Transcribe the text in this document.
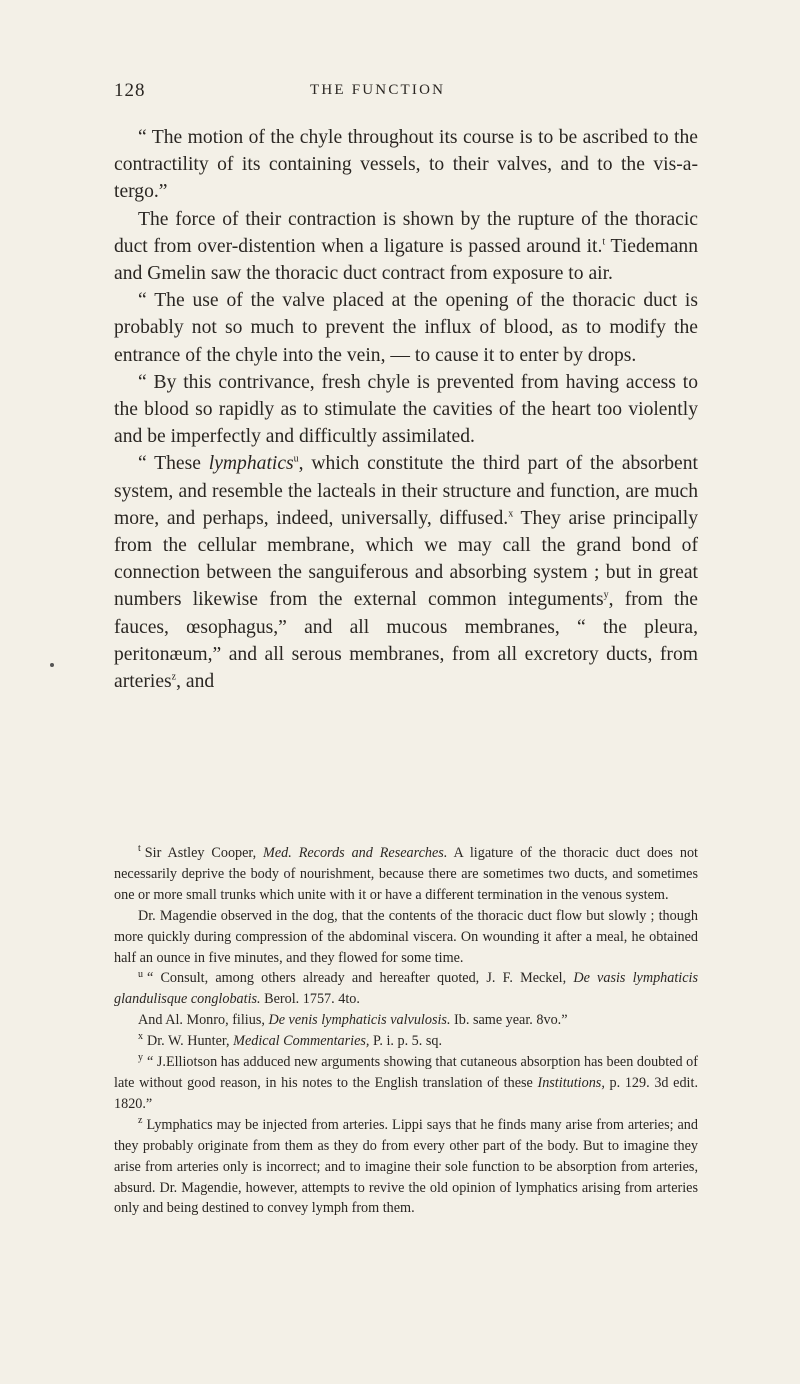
128	THE FUNCTION

“ The motion of the chyle throughout its course is to be ascribed to the contractility of its containing vessels, to their valves, and to the vis-a-tergo.”

The force of their contraction is shown by the rupture of the thoracic duct from over-distention when a ligature is passed around it.$^t$ Tiedemann and Gmelin saw the thoracic duct contract from exposure to air.

“ The use of the valve placed at the opening of the thoracic duct is probably not so much to prevent the influx of blood, as to modify the entrance of the chyle into the vein, — to cause it to enter by drops.

“ By this contrivance, fresh chyle is prevented from having access to the blood so rapidly as to stimulate the cavities of the heart too violently and be imperfectly and difficultly assimilated.

“ These lymphatics$^u$, which constitute the third part of the absorbent system, and resemble the lacteals in their structure and function, are much more, and perhaps, indeed, universally, diffused.$^x$ They arise principally from the cellular membrane, which we may call the grand bond of connection between the sanguiferous and absorbing system ; but in great numbers likewise from the external common integuments$^y$, from the fauces, œsophagus,” and all mucous membranes, “ the pleura, peritonæum,” and all serous membranes, from all excretory ducts, from arteries$^z$, and

$^t$ Sir Astley Cooper, Med. Records and Researches. A ligature of the thoracic duct does not necessarily deprive the body of nourishment, because there are sometimes two ducts, and sometimes one or more small trunks which unite with it or have a different termination in the venous system.

Dr. Magendie observed in the dog, that the contents of the thoracic duct flow but slowly ; though more quickly during compression of the abdominal viscera. On wounding it after a meal, he obtained half an ounce in five minutes, and they flowed for some time.

$^u$ “ Consult, among others already and hereafter quoted, J. F. Meckel, De vasis lymphaticis glandulisque conglobatis. Berol. 1757. 4to.

And Al. Monro, filius, De venis lymphaticis valvulosis. Ib. same year. 8vo.”

$^x$ Dr. W. Hunter, Medical Commentaries, P. i. p. 5. sq.

$^y$ “ J.Elliotson has adduced new arguments showing that cutaneous absorption has been doubted of late without good reason, in his notes to the English translation of these Institutions, p. 129. 3d edit. 1820.”

$^z$ Lymphatics may be injected from arteries. Lippi says that he finds many arise from arteries; and they probably originate from them as they do from every other part of the body. But to imagine they arise from arteries only is incorrect; and to imagine their sole function to be absorption from arteries, absurd. Dr. Magendie, however, attempts to revive the old opinion of lymphatics arising from arteries only and being destined to convey lymph from them.
